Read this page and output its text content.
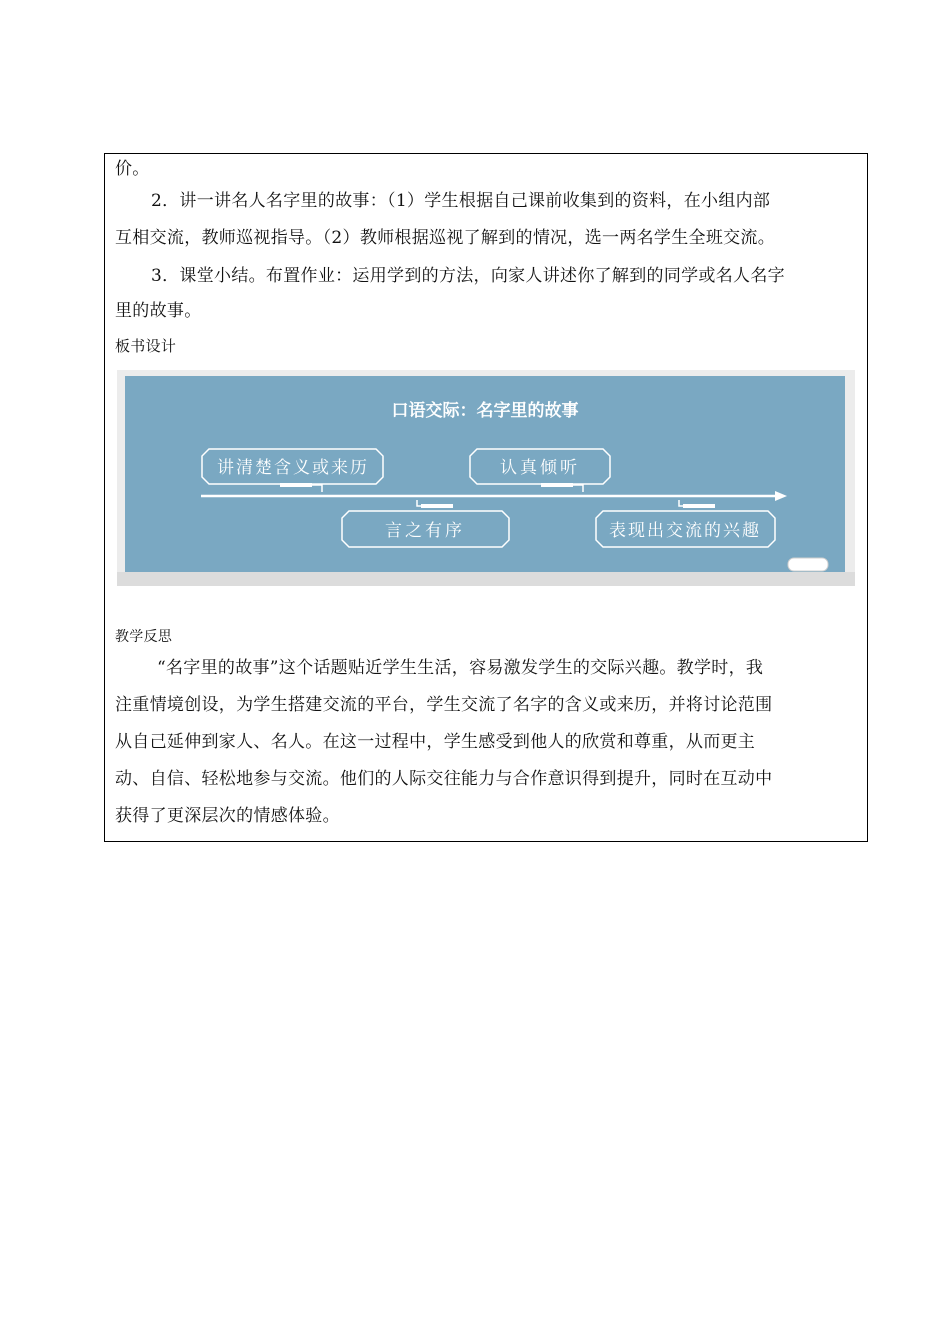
价。
2．讲一讲名人名字里的故事：（1）学生根据自己课前收集到的资料，在小组内部
互相交流，教师巡视指导。（2）教师根据巡视了解到的情况，选一两名学生全班交流。
3．课堂小结。布置作业：运用学到的方法，向家人讲述你了解到的同学或名人名字
里的故事。
板书设计
口语交际：名字里的故事
讲清楚含义或来历	认真倾听
言之有序	表现出交流的兴趣
教学反思
“名字里的故事”这个话题贴近学生生活，容易激发学生的交际兴趣。教学时，我
注重情境创设，为学生搭建交流的平台，学生交流了名字的含义或来历，并将讨论范围
从自己延伸到家人、名人。在这一过程中，学生感受到他人的欣赏和尊重，从而更主
动、自信、轻松地参与交流。他们的人际交往能力与合作意识得到提升，同时在互动中
获得了更深层次的情感体验。
